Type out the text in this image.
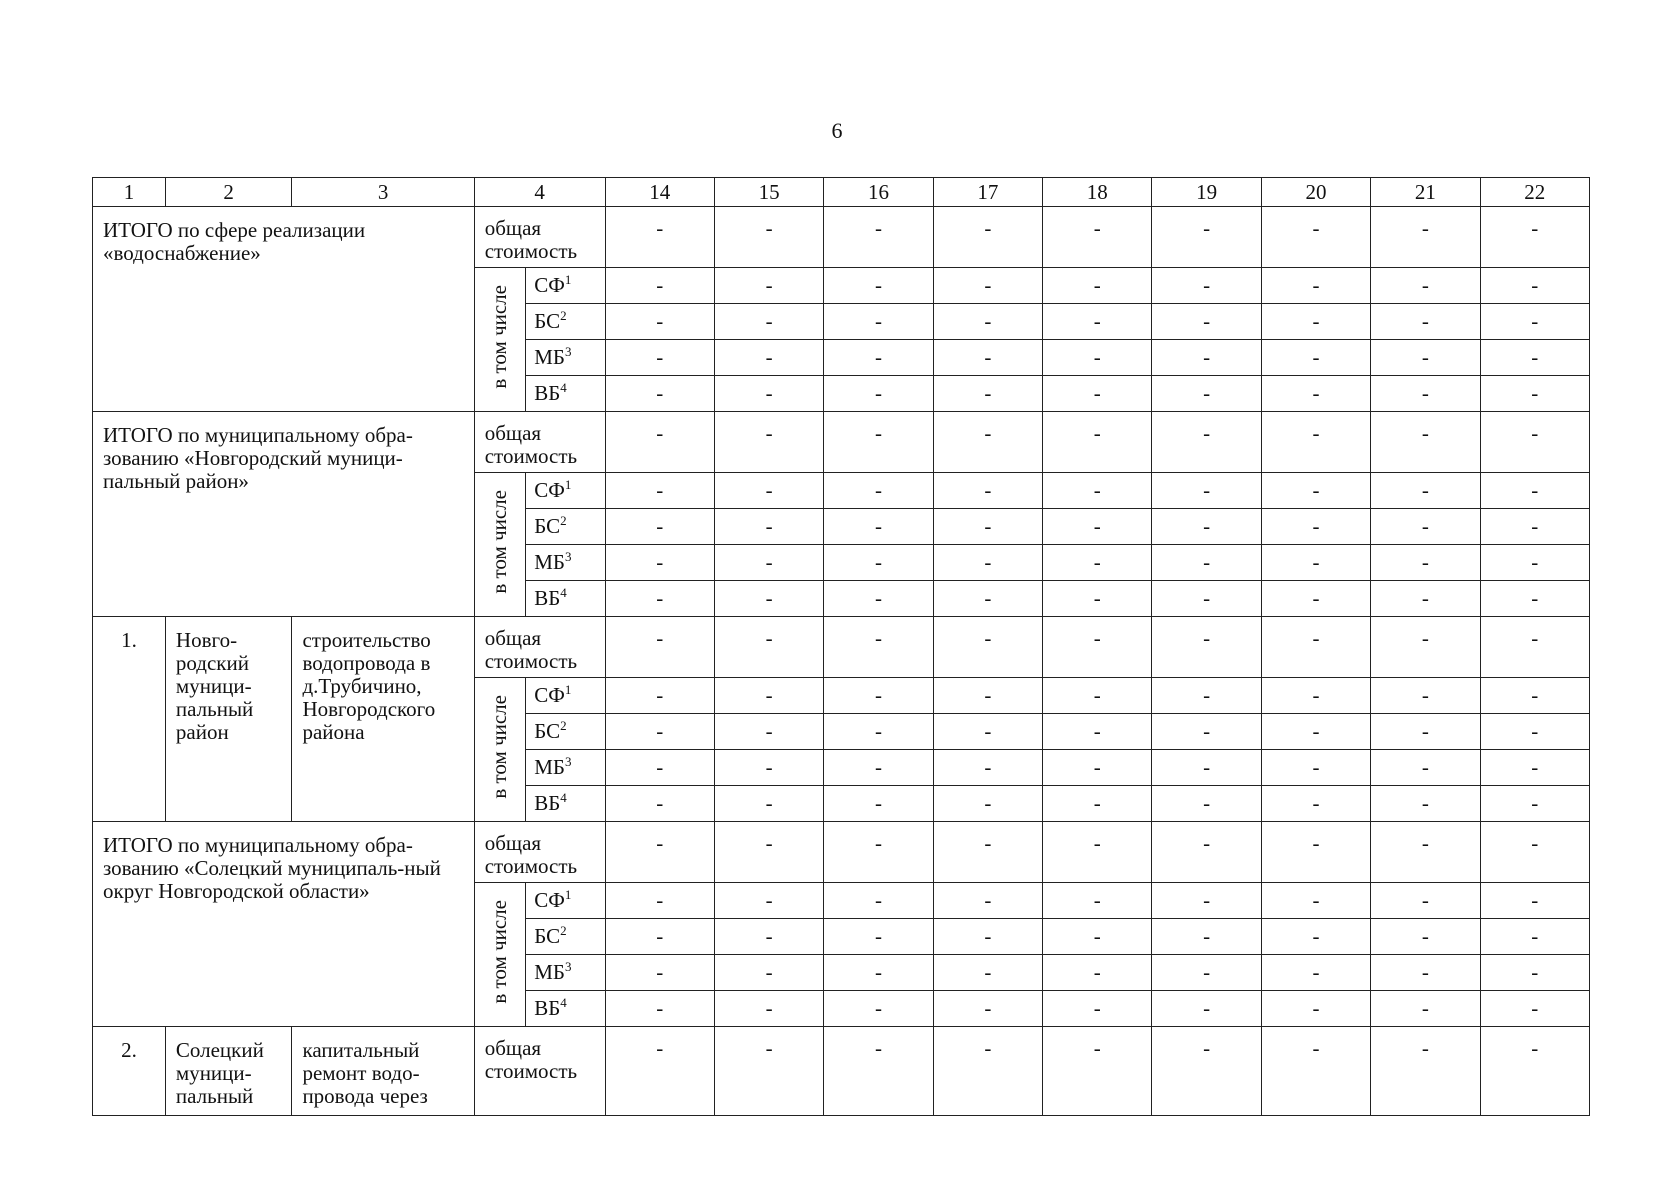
6
1	2	3	4		14	15	16	17	18	19	20	21	22
ИТОГО по сфере реализации «водоснабжение»			общая стоимость		-	-	-	-	-	-	-	-	-
			в том числе	$СФ^1$	-	-	-	-	-	-	-	-	-
				$БС^2$	-	-	-	-	-	-	-	-	-
				$МБ^3$	-	-	-	-	-	-	-	-	-
				$ВБ^4$	-	-	-	-	-	-	-	-	-
ИТОГО по муниципальному обра-зованию «Новгородский муници-пальный район»			общая стоимость		-	-	-	-	-	-	-	-	-
			в том числе	$СФ^1$	-	-	-	-	-	-	-	-	-
				$БС^2$	-	-	-	-	-	-	-	-	-
				$МБ^3$	-	-	-	-	-	-	-	-	-
				$ВБ^4$	-	-	-	-	-	-	-	-	-
1.	Новго-родский муници-пальный район	строительство водопровода в д.Трубичино, Новгородского района	общая стоимость		-	-	-	-	-	-	-	-	-
			в том числе	$СФ^1$	-	-	-	-	-	-	-	-	-
				$БС^2$	-	-	-	-	-	-	-	-	-
				$МБ^3$	-	-	-	-	-	-	-	-	-
				$ВБ^4$	-	-	-	-	-	-	-	-	-
ИТОГО по муниципальному обра-зованию «Солецкий муниципаль-ный округ Новгородской области»			общая стоимость		-	-	-	-	-	-	-	-	-
			в том числе	$СФ^1$	-	-	-	-	-	-	-	-	-
				$БС^2$	-	-	-	-	-	-	-	-	-
				$МБ^3$	-	-	-	-	-	-	-	-	-
				$ВБ^4$	-	-	-	-	-	-	-	-	-
2.	Солецкий муници-пальный	капитальный ремонт водо-провода через	общая стоимость		-	-	-	-	-	-	-	-	-
